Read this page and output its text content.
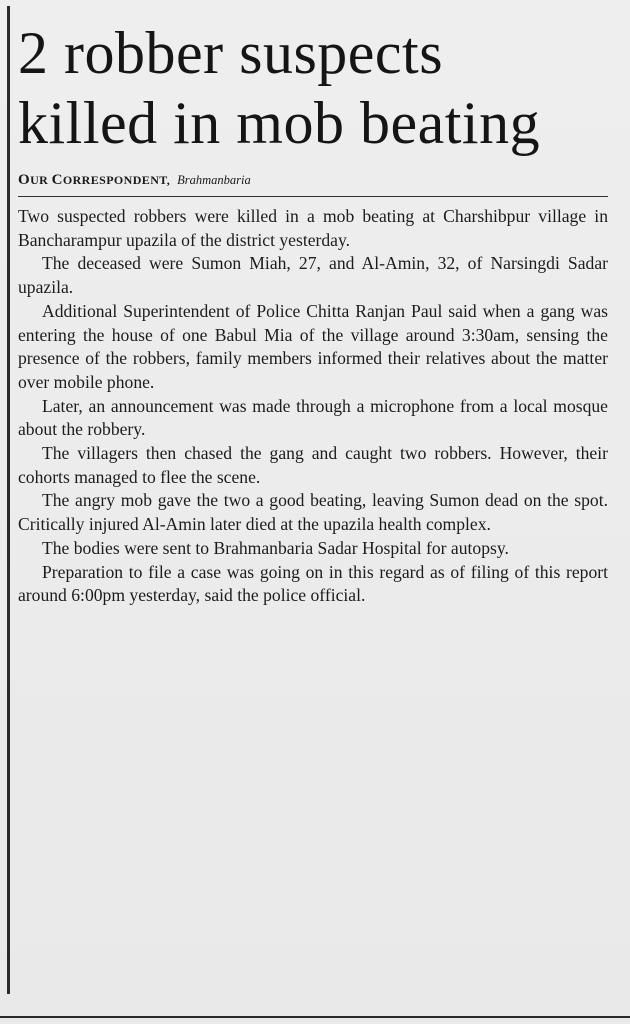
2 robber suspects killed in mob beating
OUR CORRESPONDENT, Brahmanbaria

Two suspected robbers were killed in a mob beating at Charshibpur village in Bancharampur upazila of the district yesterday.

The deceased were Sumon Miah, 27, and Al-Amin, 32, of Narsingdi Sadar upazila.

Additional Superintendent of Police Chitta Ranjan Paul said when a gang was entering the house of one Babul Mia of the village around 3:30am, sensing the presence of the robbers, family members informed their relatives about the matter over mobile phone.

Later, an announcement was made through a microphone from a local mosque about the robbery.

The villagers then chased the gang and caught two robbers. However, their cohorts managed to flee the scene.

The angry mob gave the two a good beating, leaving Sumon dead on the spot. Critically injured Al-Amin later died at the upazila health complex.

The bodies were sent to Brahmanbaria Sadar Hospital for autopsy.

Preparation to file a case was going on in this regard as of filing of this report around 6:00pm yesterday, said the police official.
